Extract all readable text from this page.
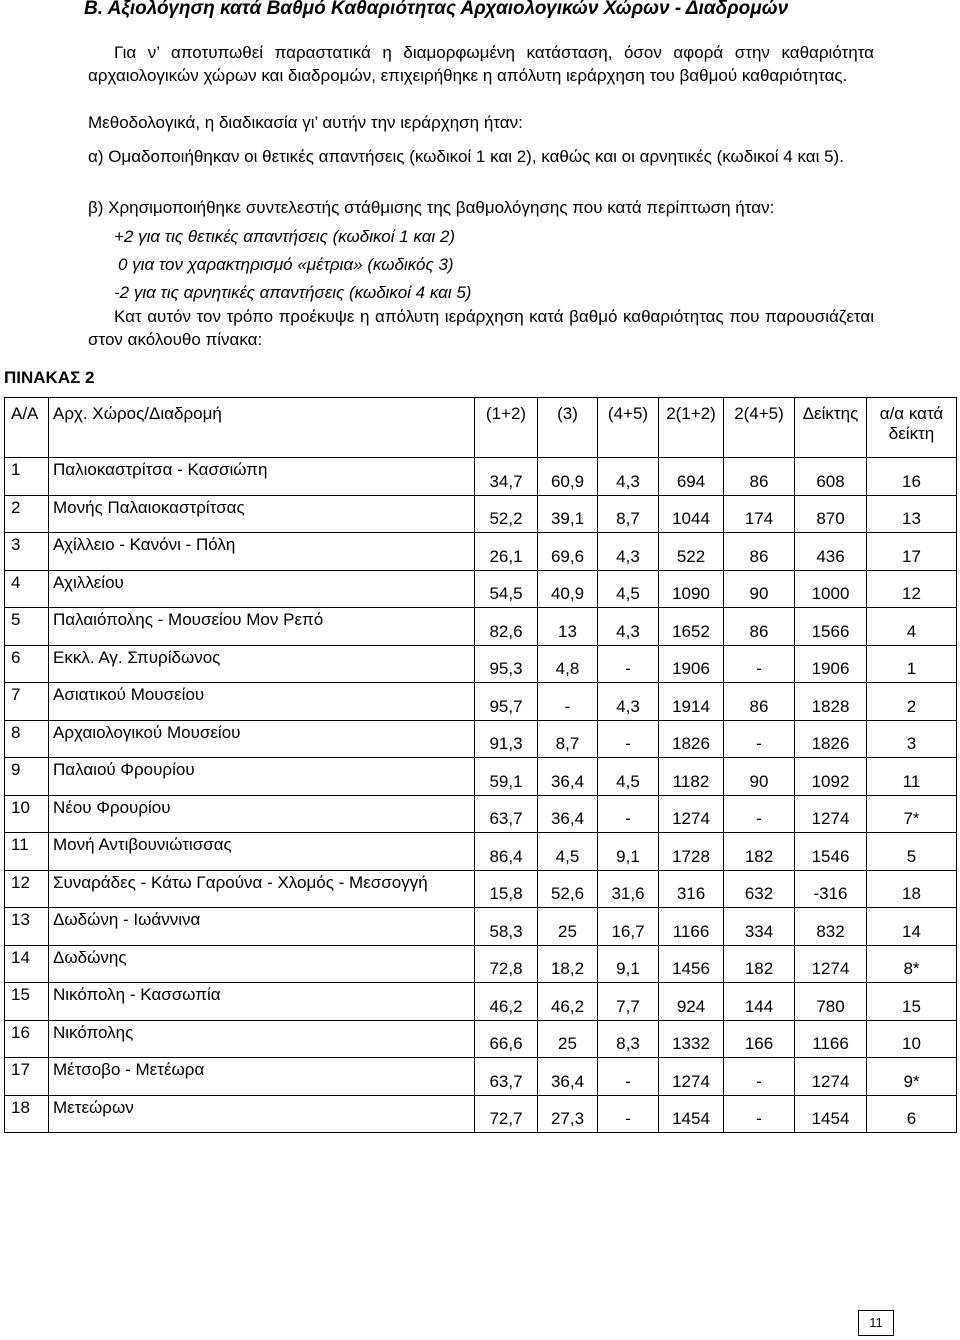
Β. Αξιολόγηση κατά Βαθμό Καθαριότητας Αρχαιολογικών Χώρων - Διαδρομών
Για ν’ αποτυπωθεί παραστατικά η διαμορφωμένη κατάσταση, όσον αφορά στην καθαριότητα αρχαιολογικών χώρων και διαδρομών, επιχειρήθηκε η απόλυτη ιεράρχηση του βαθμού καθαριότητας.
Μεθοδολογικά, η διαδικασία γι’ αυτήν την ιεράρχηση ήταν:
α) Ομαδοποιήθηκαν οι θετικές απαντήσεις (κωδικοί 1 και 2), καθώς και οι αρνητικές (κωδικοί 4 και 5).
β) Χρησιμοποιήθηκε συντελεστής στάθμισης της βαθμολόγησης που κατά περίπτωση ήταν:
+2 για τις θετικές απαντήσεις (κωδικοί 1 και 2)
0 για τον χαρακτηρισμό «μέτρια» (κωδικός 3)
-2 για τις αρνητικές απαντήσεις (κωδικοί 4 και 5)
Κατ αυτόν τον τρόπο προέκυψε η απόλυτη ιεράρχηση κατά βαθμό καθαριότητας που παρουσιάζεται στον ακόλουθο πίνακα:
ΠΙΝΑΚΑΣ 2
Α/Α	Αρχ. Χώρος/Διαδρομή	(1+2)	(3)	(4+5)	2(1+2)	2(4+5)	Δείκτης	α/α κατά δείκτη
1	Παλιοκαστρίτσα - Κασσιώπη	34,7	60,9	4,3	694	86	608	16
2	Μονής Παλαιοκαστρίτσας	52,2	39,1	8,7	1044	174	870	13
3	Αχίλλειο - Κανόνι - Πόλη	26,1	69,6	4,3	522	86	436	17
4	Αχιλλείου	54,5	40,9	4,5	1090	90	1000	12
5	Παλαιόπολης - Μουσείου Μον Ρεπό	82,6	13	4,3	1652	86	1566	4
6	Εκκλ. Αγ. Σπυρίδωνος	95,3	4,8	-	1906	-	1906	1
7	Ασιατικού Μουσείου	95,7	-	4,3	1914	86	1828	2
8	Αρχαιολογικού Μουσείου	91,3	8,7	-	1826	-	1826	3
9	Παλαιού Φρουρίου	59,1	36,4	4,5	1182	90	1092	11
10	Νέου Φρουρίου	63,7	36,4	-	1274	-	1274	7*
11	Μονή Αντιβουνιώτισσας	86,4	4,5	9,1	1728	182	1546	5
12	Συναράδες - Κάτω Γαρούνα - Χλομός - Μεσσογγή	15,8	52,6	31,6	316	632	-316	18
13	Δωδώνη - Ιωάννινα	58,3	25	16,7	1166	334	832	14
14	Δωδώνης	72,8	18,2	9,1	1456	182	1274	8*
15	Νικόπολη - Κασσωπία	46,2	46,2	7,7	924	144	780	15
16	Νικόπολης	66,6	25	8,3	1332	166	1166	10
17	Μέτσοβο - Μετέωρα	63,7	36,4	-	1274	-	1274	9*
18	Μετεώρων	72,7	27,3	-	1454	-	1454	6
11
